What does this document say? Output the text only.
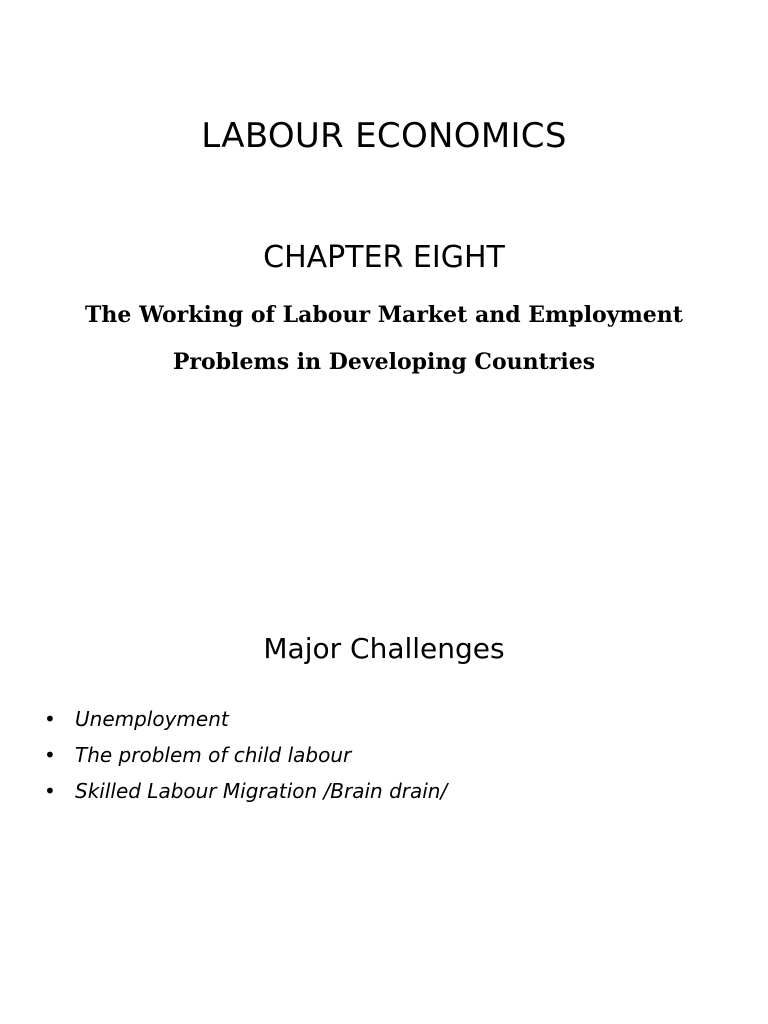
LABOUR ECONOMICS
CHAPTER EIGHT

The Working of Labour Market and Employment

Problems in Developing Countries

Major Challenges
• Unemployment
• The problem of child labour
• Skilled Labour Migration /Brain drain/
